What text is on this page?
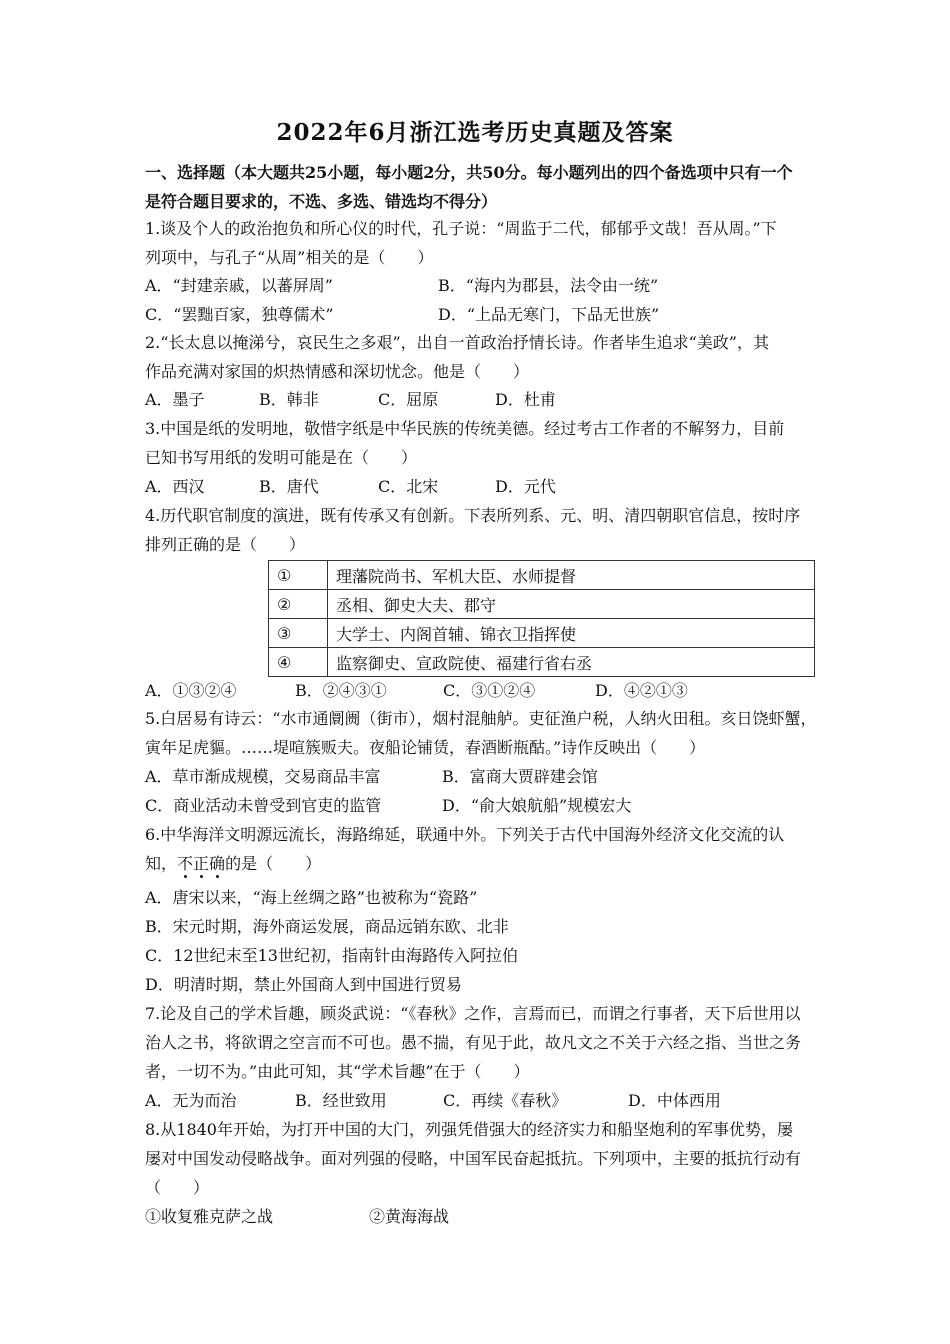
2022年6月浙江选考历史真题及答案
一、选择题（本大题共25小题，每小题2分，共50分。每小题列出的四个备选项中只有一个
是符合题目要求的，不选、多选、错选均不得分）
1.谈及个人的政治抱负和所心仪的时代，孔子说：“周监于二代，郁郁乎文哉！吾从周。”下
列项中，与孔子“从周”相关的是（　　）
A．“封建亲戚，以蕃屏周”	B．“海内为郡县，法令由一统”
C．“罢黜百家，独尊儒术”	D．“上品无寒门，下品无世族”
2.“长太息以掩涕兮，哀民生之多艰”，出自一首政治抒情长诗。作者毕生追求“美政”，其
作品充满对家国的炽热情感和深切忧念。他是（　　）
A．墨子	B．韩非	C．屈原	D．杜甫
3.中国是纸的发明地，敬惜字纸是中华民族的传统美德。经过考古工作者的不解努力，目前
已知书写用纸的发明可能是在（　　）
A．西汉	B．唐代	C．北宋	D．元代
4.历代职官制度的演进，既有传承又有创新。下表所列系、元、明、清四朝职官信息，按时序
排列正确的是（　　）
①	理藩院尚书、军机大臣、水师提督
②	丞相、御史大夫、郡守
③	大学士、内阁首辅、锦衣卫指挥使
④	监察御史、宣政院使、福建行省右丞
A．①③②④	B．②④③①	C．③①②④	D．④②①③
5.白居易有诗云：“水市通阛阓（街市），烟村混舳舻。吏征渔户税，人纳火田租。亥日饶虾蟹，
寅年足虎貙。……堤喧簇贩夫。夜船论铺赁，春酒断瓶酤。”诗作反映出（　　）
A．草市渐成规模，交易商品丰富	B．富商大贾辟建会馆
C．商业活动未曾受到官吏的监管	D．“俞大娘航船”规模宏大
6.中华海洋文明源远流长，海路绵延，联通中外。下列关于古代中国海外经济文化交流的认
知，不正确的是（　　）
A．唐宋以来，“海上丝绸之路”也被称为“瓷路”
B．宋元时期，海外商运发展，商品远销东欧、北非
C．12世纪末至13世纪初，指南针由海路传入阿拉伯
D．明清时期，禁止外国商人到中国进行贸易
7.论及自己的学术旨趣，顾炎武说：“《春秋》之作，言焉而已，而谓之行事者，天下后世用以
治人之书，将欲谓之空言而不可也。愚不揣，有见于此，故凡文之不关于六经之指、当世之务
者，一切不为。”由此可知，其“学术旨趣”在于（　　）
A．无为而治	B．经世致用	C．再续《春秋》	D．中体西用
8.从1840年开始，为打开中国的大门，列强凭借强大的经济实力和船坚炮利的军事优势，屡
屡对中国发动侵略战争。面对列强的侵略，中国军民奋起抵抗。下列项中，主要的抵抗行动有
（　　）
①收复雅克萨之战	②黄海海战
